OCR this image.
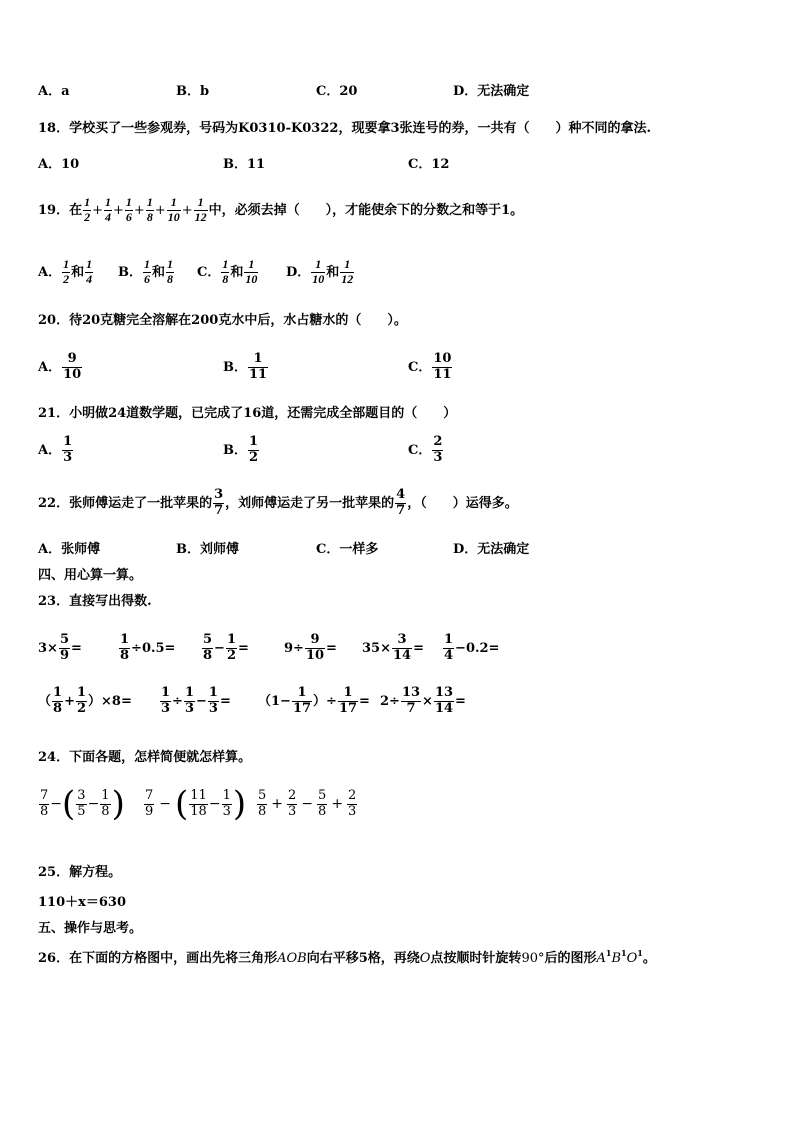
A．a	B．b	C．20	D．无法确定
18．学校买了一些参观券，号码为K0310-K0322，现要拿3张连号的券，一共有（　　）种不同的拿法.
A．10	B．11	C．12
19．在 $\frac{1}{2} + \frac{1}{4} + \frac{1}{6} + \frac{1}{8} + \frac{1}{10} + \frac{1}{12}$ 中，必须去掉（　　），才能使余下的分数之和等于1。
A． $\frac{1}{2}$ 和 $\frac{1}{4}$ B． $\frac{1}{6}$ 和 $\frac{1}{8}$ C． $\frac{1}{8}$ 和 $\frac{1}{10}$ D． $\frac{1}{10}$ 和 $\frac{1}{12}$
20．待20克糖完全溶解在200克水中后，水占糖水的（　　）。
A． $\frac{9}{10}$	B． $\frac{1}{11}$	C． $\frac{10}{11}$
21．小明做24道数学题，已完成了16道，还需完成全部题目的（　　）
A． $\frac{1}{3}$	B． $\frac{1}{2}$	C． $\frac{2}{3}$
22．张师傅运走了一批苹果的 $\frac{3}{7}$ ，刘师傅运走了另一批苹果的 $\frac{4}{7}$ ，（　　）运得多。
A．张师傅	B．刘师傅	C．一样多	D．无法确定
四、用心算一算。
23．直接写出得数.
$3\times \frac{5}{9}$ =	$\frac{1}{8} \div 0.5= \frac{5}{8} - \frac{1}{2}$ =	$9\div \frac{9}{10} = 35\times \frac{3}{14} = \frac{1}{4} -0.2=$
（ $\frac{1}{8} + \frac{1}{2} )\times 8= \frac{1}{3} \div \frac{1}{3} - \frac{1}{3} = (1- \frac{1}{17}$ ）÷ $\frac{1}{17} = 2\div \frac{13}{7} \times \frac{13}{14}$ =
24．下面各题，怎样简便就怎样算。
$\frac{7}{8}$ − ( $\frac{3}{5} - \frac{1}{8}$ ) $\frac{7}{9}$ − ( $\frac{11}{18} - \frac{1}{3}$ ) $\frac{5}{8} + \frac{2}{3} - \frac{5}{8} + \frac{2}{3}$
25．解方程。
110＋x＝630
五、操作与思考。
26．在下面的方格图中，画出先将三角形AOB向右平移5格，再绕O点按顺时针旋转90°后的图形$A^1B^1O^1$。
